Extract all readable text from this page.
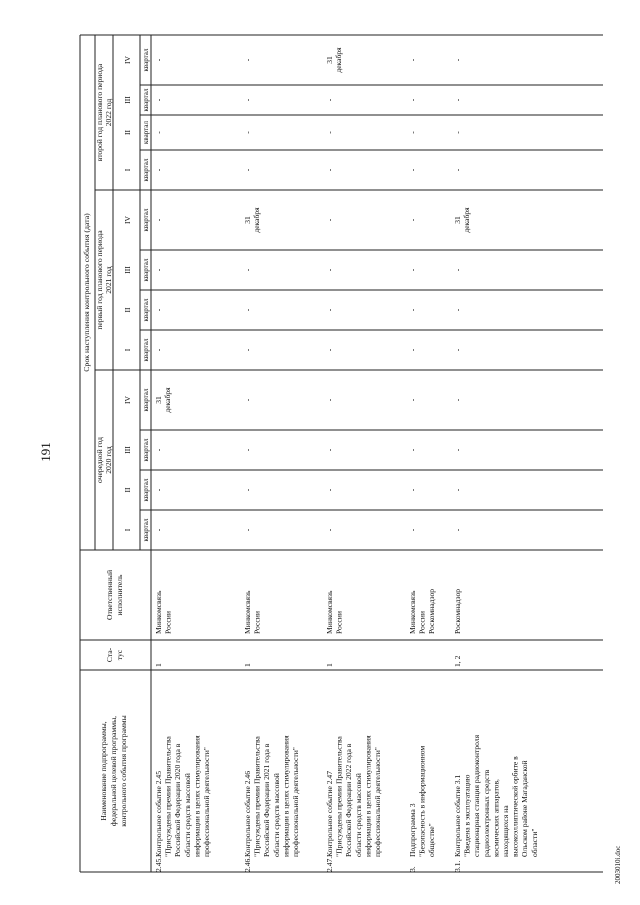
191
2003010i.doc
Наименование подпрограммы, федеральной целевой программы, контрольного события программы
Ста- тус
Ответственный исполнитель
Срок наступления контрольного события (дата)
очередной год 2020 год
I квартал
II квартал
III квартал
IV квартал
первый год планового периода 2021 год
I квартал
II квартал
III квартал
IV квартал
второй год планового периода 2022 год
I квартал
II квартал
III квартал
IV квартал
2.45.
Контрольное событие 2.45 "Присуждены премии Правительства Российской Федерации 2020 года в области средств массовой информации в целях стимулирования профессиональной деятельности"
1
Минкомсвязь России
-
-
-
31 декабря
-
-
-
-
-
-
-
-
2.46.
Контрольное событие 2.46 "Присуждены премии Правительства Российской Федерации 2021 года в области средств массовой информации в целях стимулирования профессиональной деятельности"
1
Минкомсвязь России
-
-
-
-
-
-
-
31 декабря
-
-
-
-
2.47.
Контрольное событие 2.47 "Присуждены премии Правительства Российской Федерации 2022 года в области средств массовой информации в целях стимулирования профессиональной деятельности"
1
Минкомсвязь России
-
-
-
-
-
-
-
-
-
-
-
31 декабря
3.
Подпрограмма 3 "Безопасность в информационном обществе"
Минкомсвязь России Роскомнадзор
-
-
-
-
-
-
-
-
-
-
-
-
3.1.
Контрольное событие 3.1 "Введена в эксплуатацию стационарная станция радиоконтроля радиоэлектронных средств космических аппаратов, находящихся на высокоэллиптической орбите в Ольском районе Магаданской области"
1, 2
Роскомнадзор
-
-
-
-
-
-
-
31 декабря
-
-
-
-
